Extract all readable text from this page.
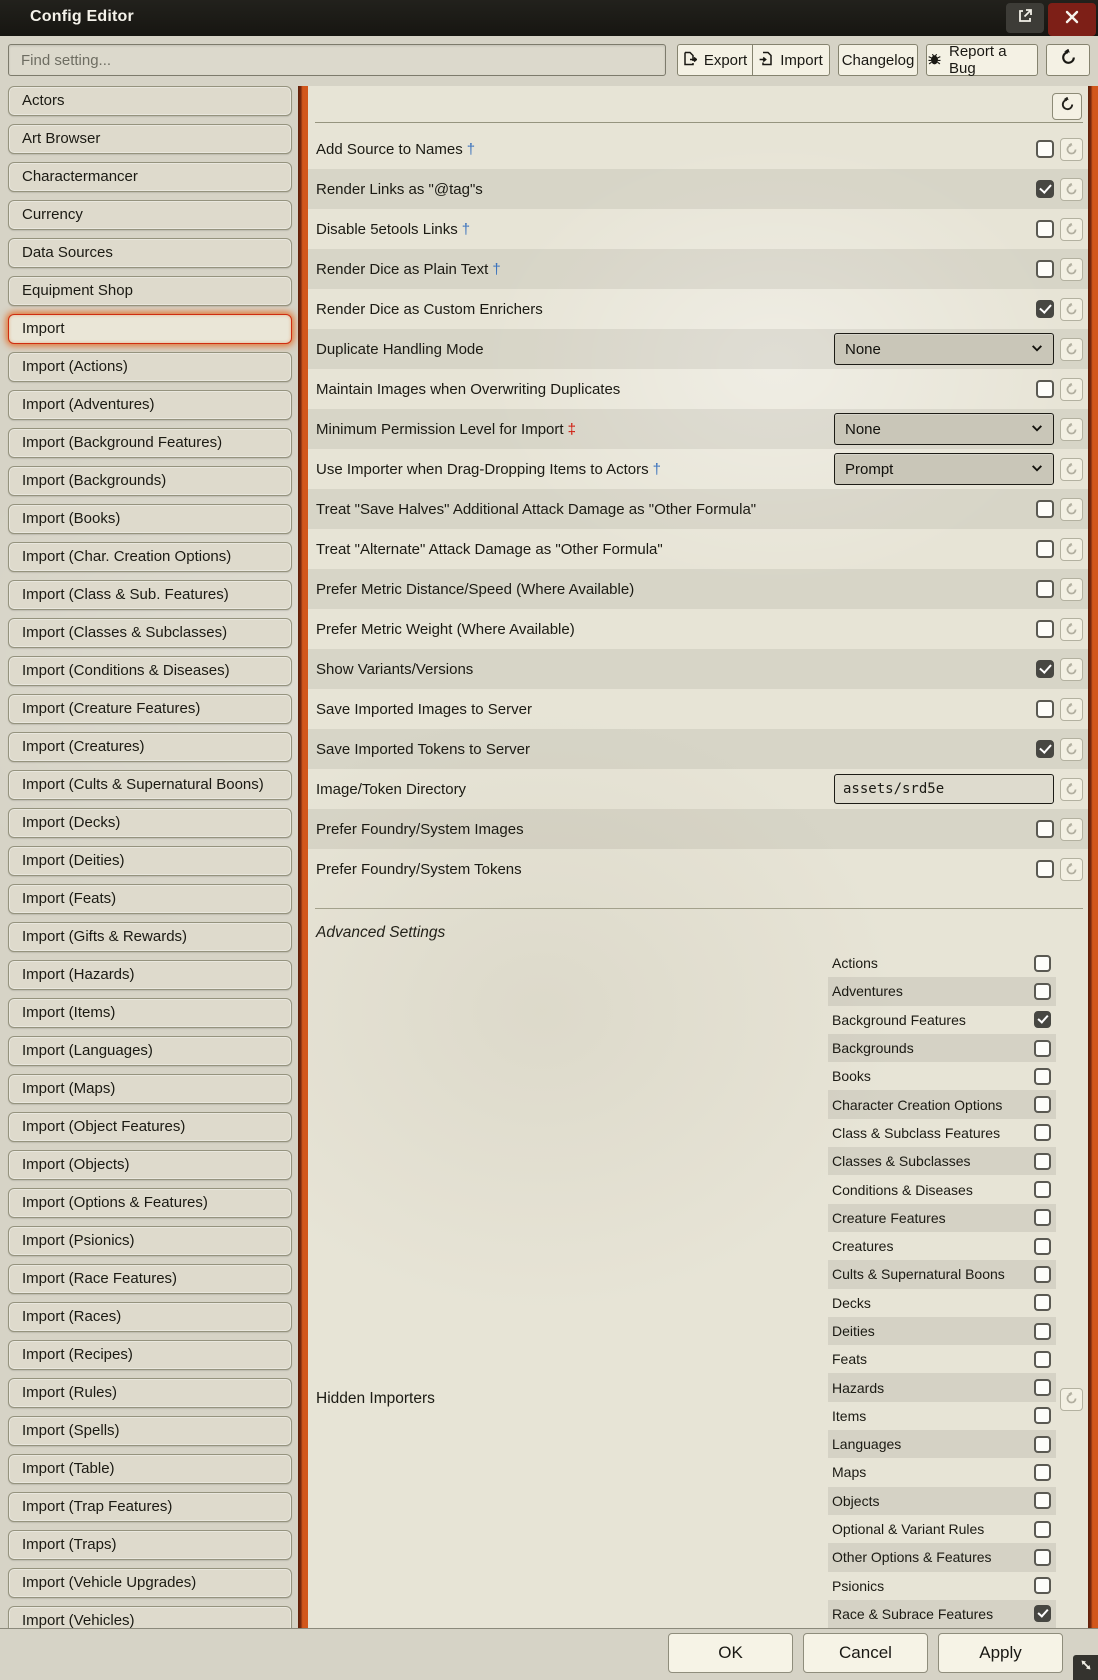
Config Editor
Find setting...
Export Import Changelog Report a Bug
Actors
Art Browser
Charactermancer
Currency
Data Sources
Equipment Shop
Import
Import (Actions)
Import (Adventures)
Import (Background Features)
Import (Backgrounds)
Import (Books)
Import (Char. Creation Options)
Import (Class & Sub. Features)
Import (Classes & Subclasses)
Import (Conditions & Diseases)
Import (Creature Features)
Import (Creatures)
Import (Cults & Supernatural Boons)
Import (Decks)
Import (Deities)
Import (Feats)
Import (Gifts & Rewards)
Import (Hazards)
Import (Items)
Import (Languages)
Import (Maps)
Import (Object Features)
Import (Objects)
Import (Options & Features)
Import (Psionics)
Import (Race Features)
Import (Races)
Import (Recipes)
Import (Rules)
Import (Spells)
Import (Table)
Import (Trap Features)
Import (Traps)
Import (Vehicle Upgrades)
Import (Vehicles)
Add Source to Names †
Render Links as "@tag"s
Disable 5etools Links †
Render Dice as Plain Text †
Render Dice as Custom Enrichers
Duplicate Handling Mode	None
Maintain Images when Overwriting Duplicates
Minimum Permission Level for Import ‡	None
Use Importer when Drag-Dropping Items to Actors †	Prompt
Treat "Save Halves" Additional Attack Damage as "Other Formula"
Treat "Alternate" Attack Damage as "Other Formula"
Prefer Metric Distance/Speed (Where Available)
Prefer Metric Weight (Where Available)
Show Variants/Versions
Save Imported Images to Server
Save Imported Tokens to Server
Image/Token Directory
assets/srd5e
Prefer Foundry/System Images
Prefer Foundry/System Tokens
Advanced Settings
Hidden Importers
Actions
Adventures
Background Features
Backgrounds
Books
Character Creation Options
Class & Subclass Features
Classes & Subclasses
Conditions & Diseases
Creature Features
Creatures
Cults & Supernatural Boons
Decks
Deities
Feats
Hazards
Items
Languages
Maps
Objects
Optional & Variant Rules
Other Options & Features
Psionics
Race & Subrace Features
OK	Cancel	Apply
